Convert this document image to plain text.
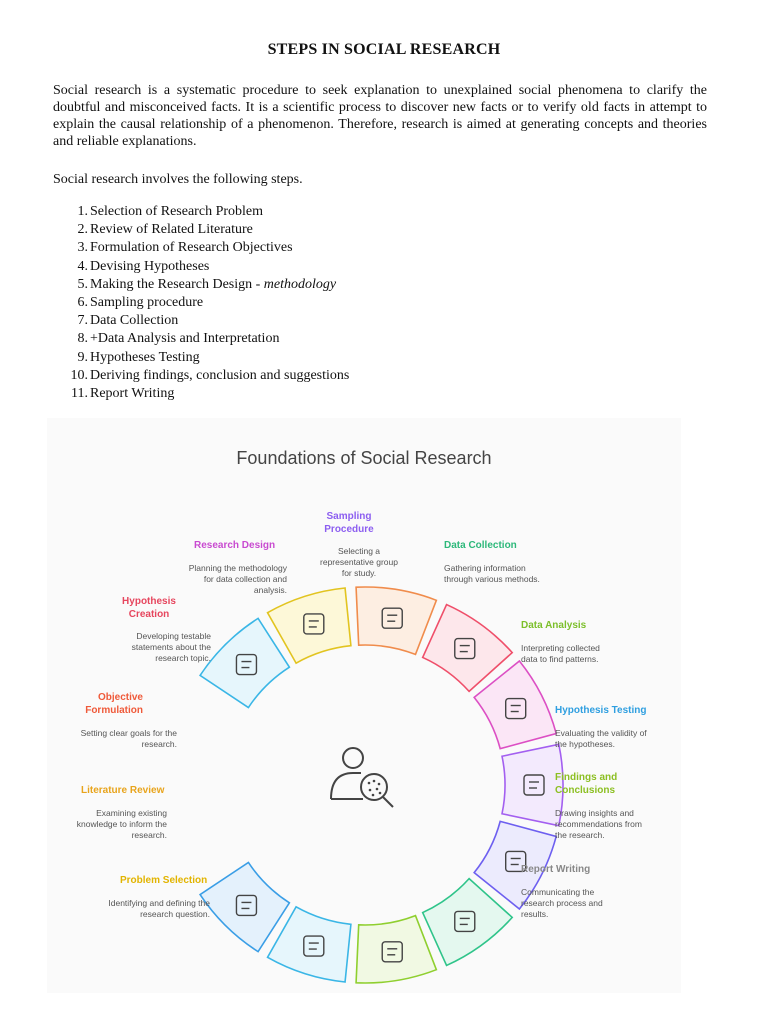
STEPS IN SOCIAL RESEARCH

Social research is a systematic procedure to seek explanation to unexplained social phenomena to clarify the doubtful and misconceived facts. It is a scientific process to discover new facts or to verify old facts in attempt to explain the causal relationship of a phenomenon. Therefore, research is aimed at generating concepts and theories and reliable explanations.

Social research involves the following steps.

1. Selection of Research Problem
2. Review of Related Literature
3. Formulation of Research Objectives
4. Devising Hypotheses
5. Making the Research Design - methodology
6. Sampling procedure
7. Data Collection
8. +Data Analysis and Interpretation
9. Hypotheses Testing
10. Deriving findings, conclusion and suggestions
11. Report Writing
Foundations of Social Research
Problem Selection
Identifying and defining the research question.
Literature Review
Examining existing knowledge to inform the research.
Objective Formulation
Setting clear goals for the research.
Hypothesis Creation
Developing testable statements about the research topic.
Research Design
Planning the methodology for data collection and analysis.
Sampling Procedure
Selecting a representative group for study.
Data Collection
Gathering information through various methods.
Data Analysis
Interpreting collected data to find patterns.
Hypothesis Testing
Evaluating the validity of the hypotheses.
Findings and Conclusions
Drawing insights and recommendations from the research.
Report Writing
Communicating the research process and results.
